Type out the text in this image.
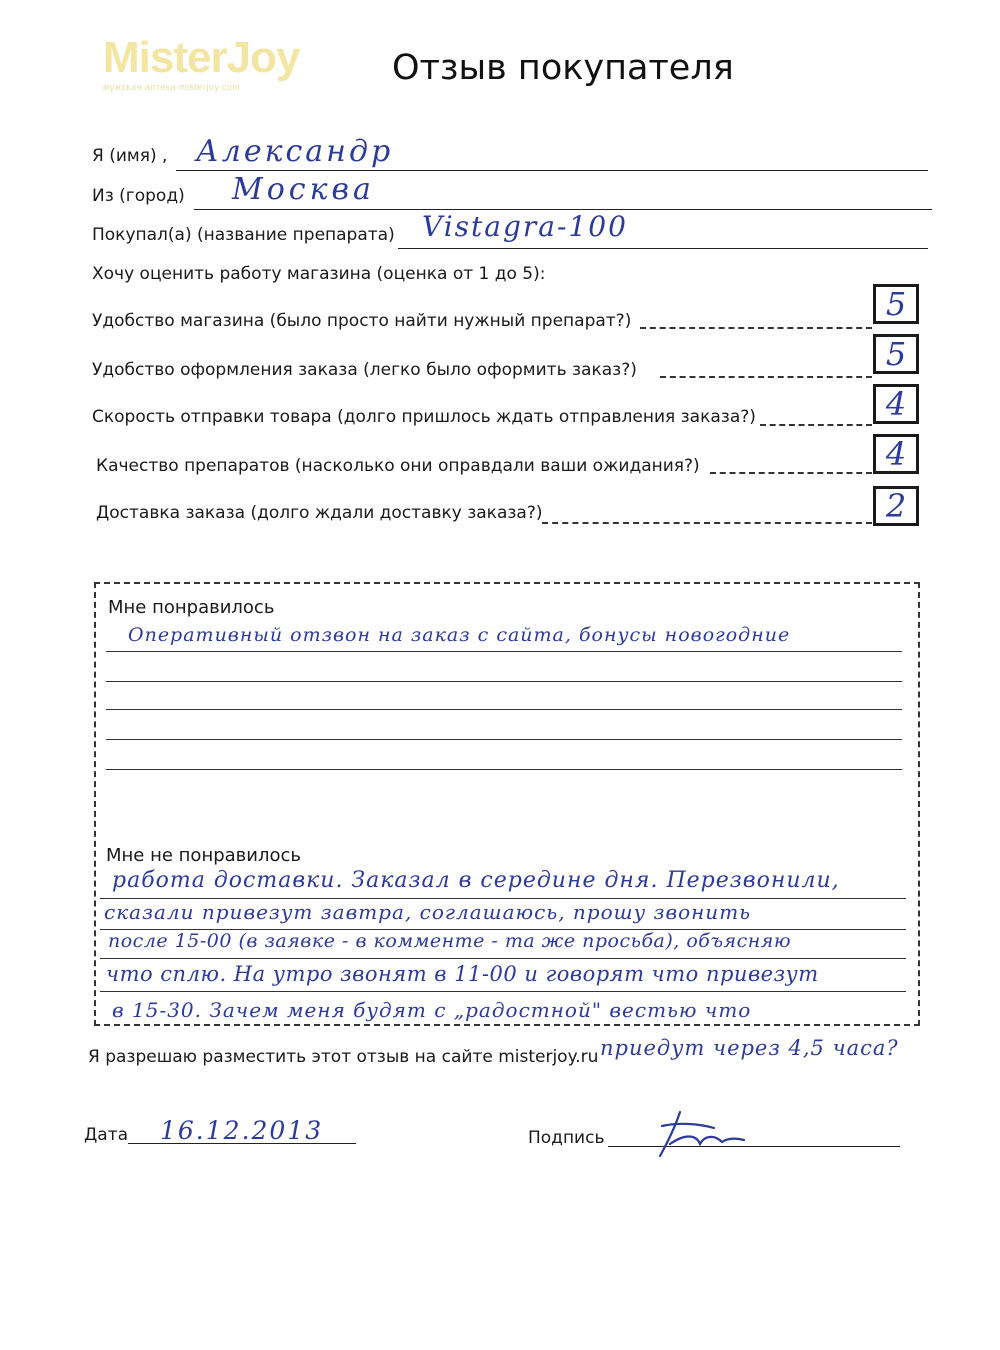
MisterJoy
мужская аптека misterjoy.com	Отзыв покупателя
Я (имя) , Александр
Из (город) Москва
Покупал(а) (название препарата) Vistagra-100
Хочу оценить работу магазина (оценка от 1 до 5):
Удобство магазина (было просто найти нужный препарат?)	5
Удобство оформления заказа (легко было оформить заказ?)	5
Скорость отправки товара (долго пришлось ждать отправления заказа?)	4
Качество препаратов (насколько они оправдали ваши ожидания?)	4
Доставка заказа (долго ждали доставку заказа?)	2
Мне понравилось
Оперативный отзвон на заказ с сайта, бонусы новогодние
Мне не понравилось
работа доставки. Заказал в середине дня. Перезвонили,
сказали привезут завтра, соглашаюсь, прошу звонить
после 15-00 (в заявке - в комменте - та же просьба), объясняю
что сплю. На утро звонят в 11-00 и говорят что привезут
в 15-30. Зачем меня будят с „радостной" вестью что
приедут через 4,5 часа?
Я разрешаю разместить этот отзыв на сайте misterjoy.ru
Дата 16.12.2013	Подпись
